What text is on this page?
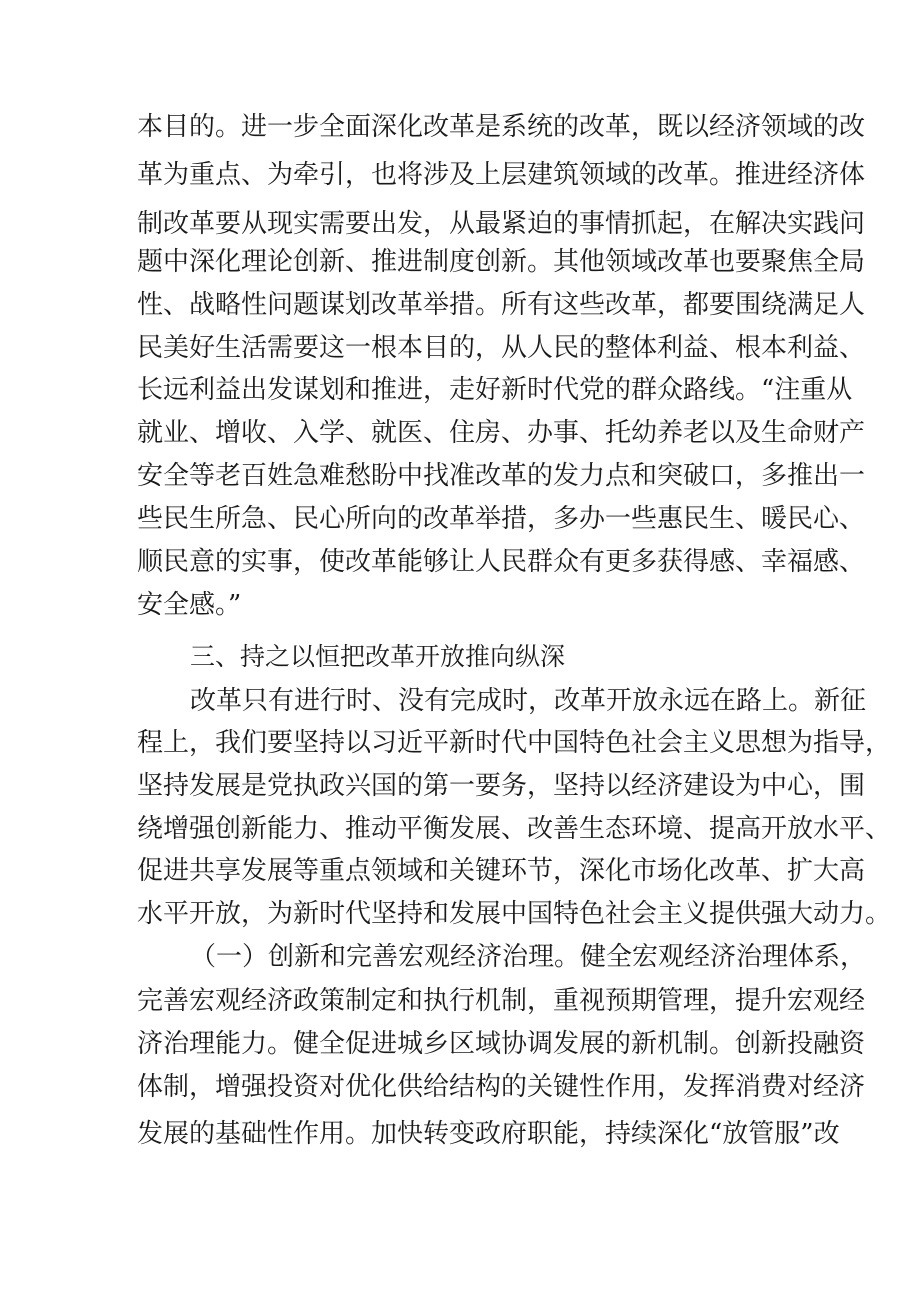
本目的。进一步全面深化改革是系统的改革，既以经济领域的改
革为重点、为牵引，也将涉及上层建筑领域的改革。推进经济体
制改革要从现实需要出发，从最紧迫的事情抓起，在解决实践问
题中深化理论创新、推进制度创新。其他领域改革也要聚焦全局
性、战略性问题谋划改革举措。所有这些改革，都要围绕满足人
民美好生活需要这一根本目的，从人民的整体利益、根本利益、
长远利益出发谋划和推进，走好新时代党的群众路线。“注重从
就业、增收、入学、就医、住房、办事、托幼养老以及生命财产
安全等老百姓急难愁盼中找准改革的发力点和突破口，多推出一
些民生所急、民心所向的改革举措，多办一些惠民生、暖民心、
顺民意的实事，使改革能够让人民群众有更多获得感、幸福感、
安全感。”
三、持之以恒把改革开放推向纵深
改革只有进行时、没有完成时，改革开放永远在路上。新征
程上，我们要坚持以习近平新时代中国特色社会主义思想为指导，
坚持发展是党执政兴国的第一要务，坚持以经济建设为中心，围
绕增强创新能力、推动平衡发展、改善生态环境、提高开放水平、
促进共享发展等重点领域和关键环节，深化市场化改革、扩大高
水平开放，为新时代坚持和发展中国特色社会主义提供强大动力。
（一）创新和完善宏观经济治理。健全宏观经济治理体系，
完善宏观经济政策制定和执行机制，重视预期管理，提升宏观经
济治理能力。健全促进城乡区域协调发展的新机制。创新投融资
体制，增强投资对优化供给结构的关键性作用，发挥消费对经济
发展的基础性作用。加快转变政府职能，持续深化“放管服”改
